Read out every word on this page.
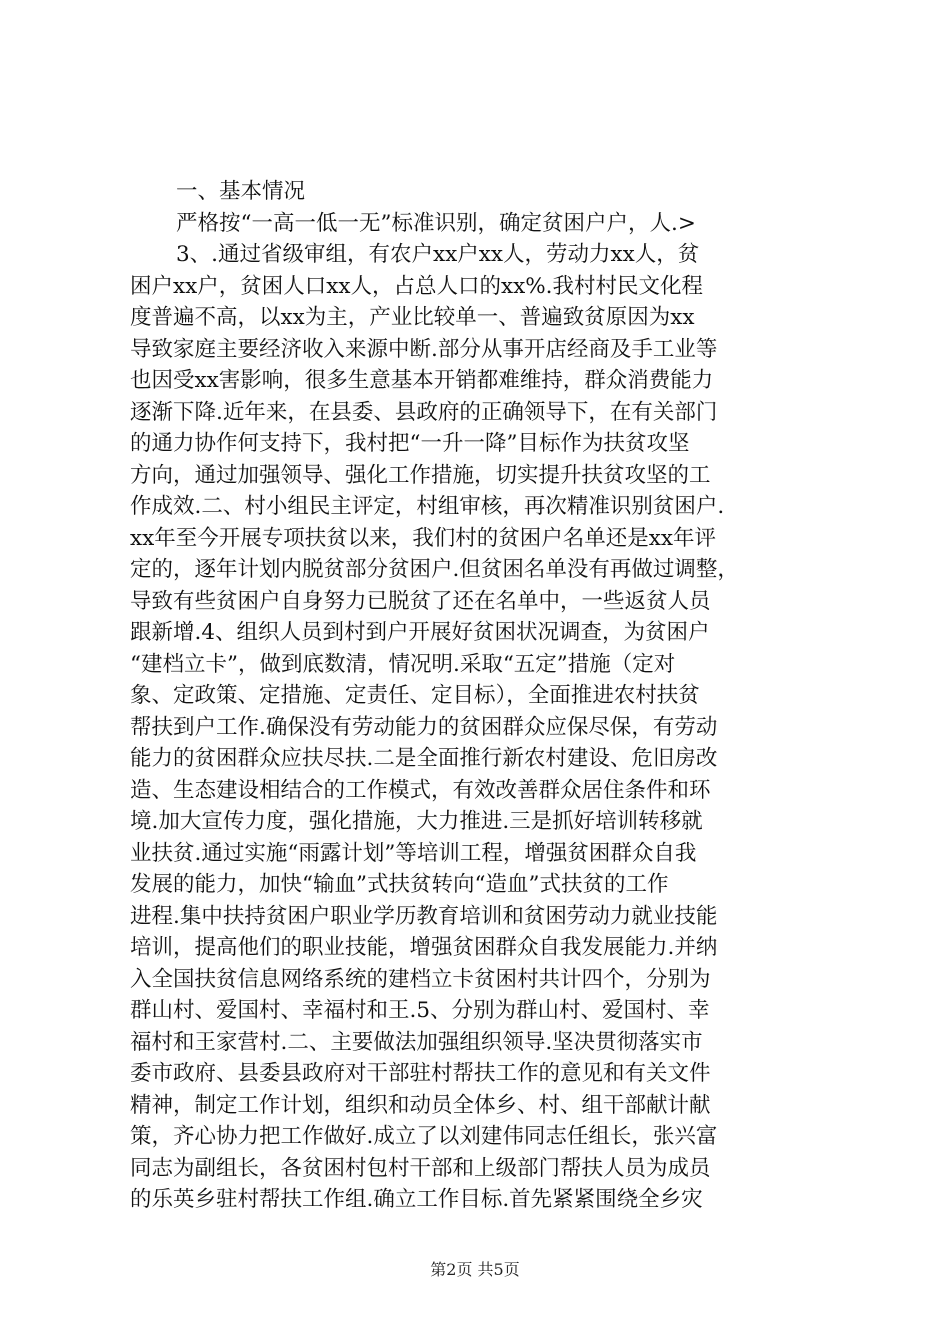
一、基本情况
严格按“一高一低一无”标准识别，确定贫困户户，人.>
3、.通过省级审组，有农户xx户xx人，劳动力xx人，贫
困户xx户，贫困人口xx人，占总人口的xx%.我村村民文化程
度普遍不高，以xx为主，产业比较单一、普遍致贫原因为xx
导致家庭主要经济收入来源中断.部分从事开店经商及手工业等
也因受xx害影响，很多生意基本开销都难维持，群众消费能力
逐渐下降.近年来，在县委、县政府的正确领导下，在有关部门
的通力协作何支持下，我村把“一升一降”目标作为扶贫攻坚
方向，通过加强领导、强化工作措施，切实提升扶贫攻坚的工
作成效.二、村小组民主评定，村组审核，再次精准识别贫困户.
xx年至今开展专项扶贫以来，我们村的贫困户名单还是xx年评
定的，逐年计划内脱贫部分贫困户.但贫困名单没有再做过调整，
导致有些贫困户自身努力已脱贫了还在名单中，一些返贫人员
跟新增.4、组织人员到村到户开展好贫困状况调查，为贫困户
“建档立卡”，做到底数清，情况明.采取“五定”措施（定对
象、定政策、定措施、定责任、定目标），全面推进农村扶贫
帮扶到户工作.确保没有劳动能力的贫困群众应保尽保，有劳动
能力的贫困群众应扶尽扶.二是全面推行新农村建设、危旧房改
造、生态建设相结合的工作模式，有效改善群众居住条件和环
境.加大宣传力度，强化措施，大力推进.三是抓好培训转移就
业扶贫.通过实施“雨露计划”等培训工程，增强贫困群众自我
发展的能力，加快“输血”式扶贫转向“造血”式扶贫的工作
进程.集中扶持贫困户职业学历教育培训和贫困劳动力就业技能
培训，提高他们的职业技能，增强贫困群众自我发展能力.并纳
入全国扶贫信息网络系统的建档立卡贫困村共计四个，分别为
群山村、爱国村、幸福村和王.5、分别为群山村、爱国村、幸
福村和王家营村.二、主要做法加强组织领导.坚决贯彻落实市
委市政府、县委县政府对干部驻村帮扶工作的意见和有关文件
精神，制定工作计划，组织和动员全体乡、村、组干部献计献
策，齐心协力把工作做好.成立了以刘建伟同志任组长，张兴富
同志为副组长，各贫困村包村干部和上级部门帮扶人员为成员
的乐英乡驻村帮扶工作组.确立工作目标.首先紧紧围绕全乡灾
第2页 共5页
